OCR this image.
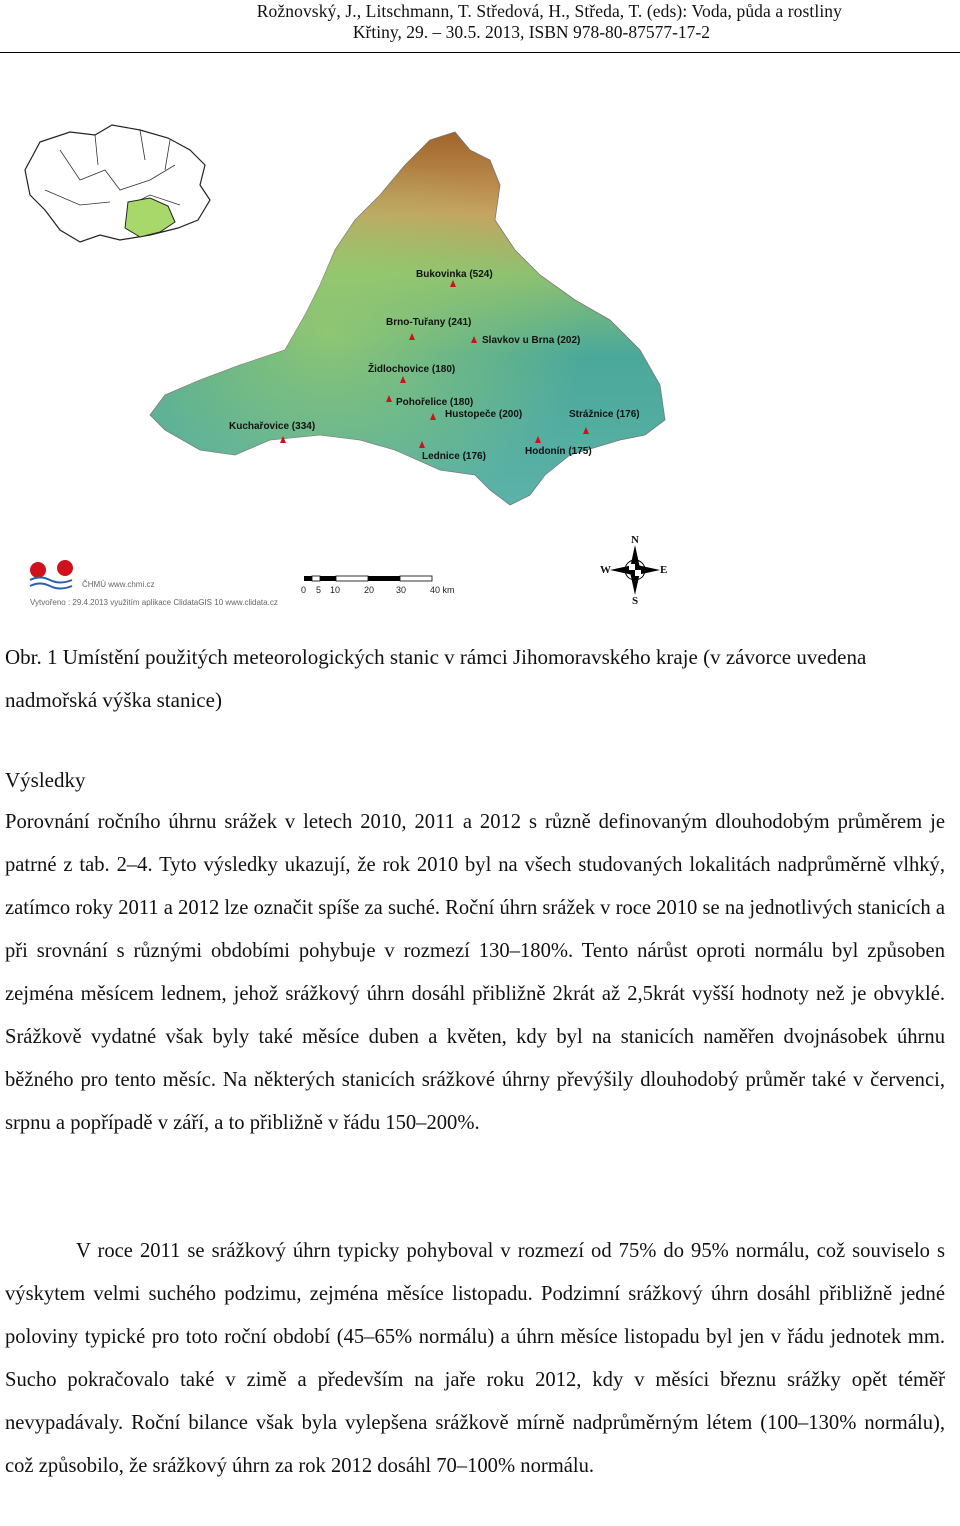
Rožnovský, J., Litschmann, T. Středová, H., Středa, T. (eds): Voda, půda a rostliny
Křtiny, 29. – 30.5. 2013, ISBN 978-80-87577-17-2
Bukovinka (524)
Brno-Tuřany (241)
Slavkov u Brna (202)
Židlochovice (180)
Pohořelice (180)
Hustopeče (200)	Strážnice (176)
Kuchařovice (334)
Lednice (176)	Hodonín (175)
ČHMÚ www.chmi.cz
Vytvořeno : 29.4.2013 využitím aplikace ClidataGIS 10 www.clidata.cz
0 5 10	20 30	40 km
N
S
E
W
Obr. 1 Umístění použitých meteorologických stanic v rámci Jihomoravského kraje (v závorce uvedena nadmořská výška stanice)
Výsledky

Porovnání ročního úhrnu srážek v letech 2010, 2011 a 2012 s různě definovaným dlouhodobým průměrem je patrné z tab. 2–4. Tyto výsledky ukazují, že rok 2010 byl na všech studovaných lokalitách nadprůměrně vlhký, zatímco roky 2011 a 2012 lze označit spíše za suché. Roční úhrn srážek v roce 2010 se na jednotlivých stanicích a při srovnání s různými obdobími pohybuje v rozmezí 130–180%. Tento nárůst oproti normálu byl způsoben zejména měsícem lednem, jehož srážkový úhrn dosáhl přibližně 2krát až 2,5krát vyšší hodnoty než je obvyklé. Srážkově vydatné však byly také měsíce duben a květen, kdy byl na stanicích naměřen dvojnásobek úhrnu běžného pro tento měsíc. Na některých stanicích srážkové úhrny převýšily dlouhodobý průměr také v červenci, srpnu a popřípadě v září, a to přibližně v řádu 150–200%.

V roce 2011 se srážkový úhrn typicky pohyboval v rozmezí od 75% do 95% normálu, což souviselo s výskytem velmi suchého podzimu, zejména měsíce listopadu. Podzimní srážkový úhrn dosáhl přibližně jedné poloviny typické pro toto roční období (45–65% normálu) a úhrn měsíce listopadu byl jen v řádu jednotek mm. Sucho pokračovalo také v zimě a především na jaře roku 2012, kdy v měsíci březnu srážky opět téměř nevypadávaly. Roční bilance však byla vylepšena srážkově mírně nadprůměrným létem (100–130% normálu), což způsobilo, že srážkový úhrn za rok 2012 dosáhl 70–100% normálu.
